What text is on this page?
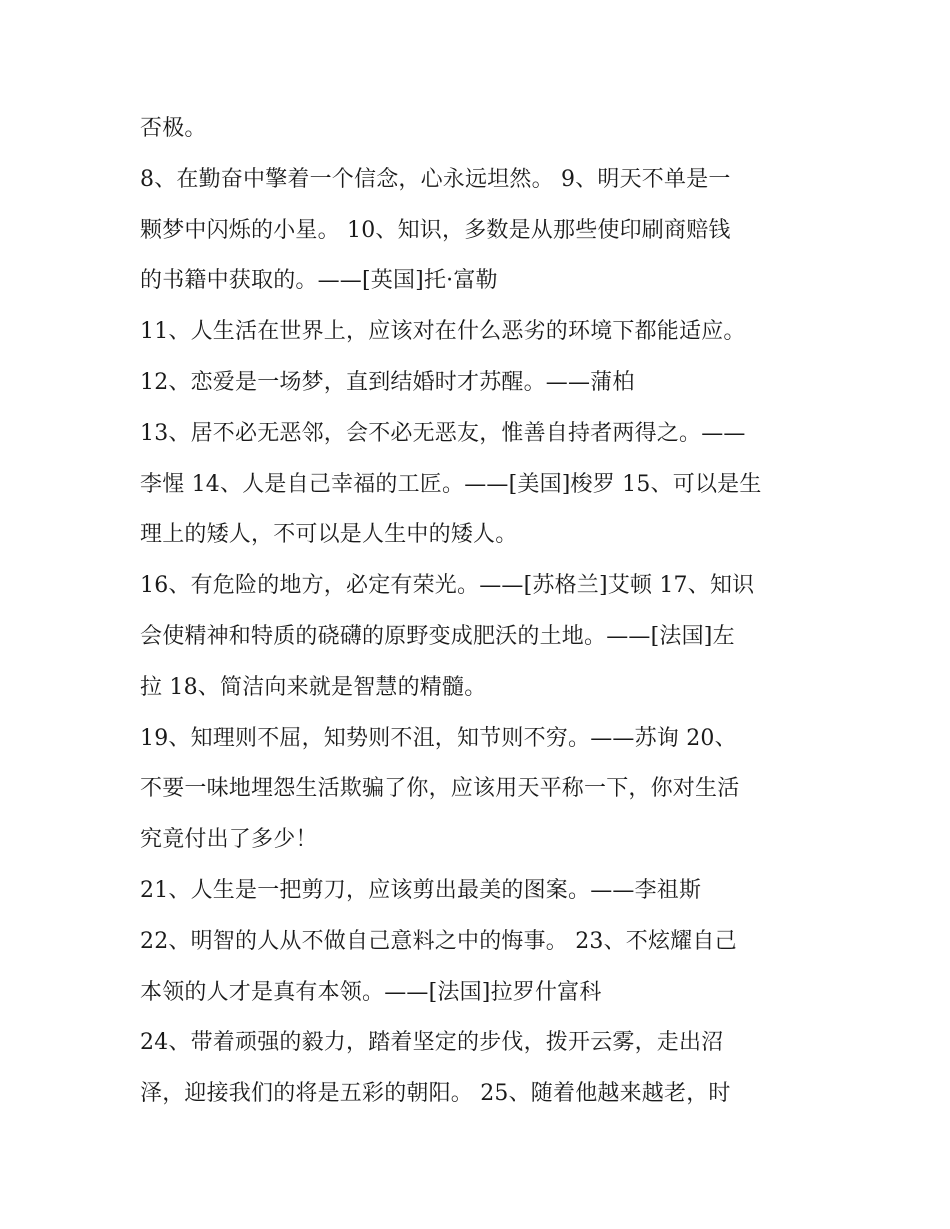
否极。
8、在勤奋中擎着一个信念，心永远坦然。 9、明天不单是一
颗梦中闪烁的小星。 10、知识，多数是从那些使印刷商赔钱
的书籍中获取的。——[英国]托·富勒
11、人生活在世界上，应该对在什么恶劣的环境下都能适应。
12、恋爱是一场梦，直到结婚时才苏醒。——蒲柏
13、居不必无恶邻，会不必无恶友，惟善自持者两得之。——
李惺 14、人是自己幸福的工匠。——[美国]梭罗 15、可以是生
理上的矮人，不可以是人生中的矮人。
16、有危险的地方，必定有荣光。——[苏格兰]艾顿 17、知识
会使精神和特质的硗礴的原野变成肥沃的土地。——[法国]左
拉 18、简洁向来就是智慧的精髓。
19、知理则不屈，知势则不沮，知节则不穷。——苏询 20、
不要一味地埋怨生活欺骗了你，应该用天平称一下，你对生活
究竟付出了多少！
21、人生是一把剪刀，应该剪出最美的图案。——李祖斯
22、明智的人从不做自己意料之中的悔事。 23、不炫耀自己
本领的人才是真有本领。——[法国]拉罗什富科
24、带着顽强的毅力，踏着坚定的步伐，拨开云雾，走出沼
泽，迎接我们的将是五彩的朝阳。 25、随着他越来越老，时
